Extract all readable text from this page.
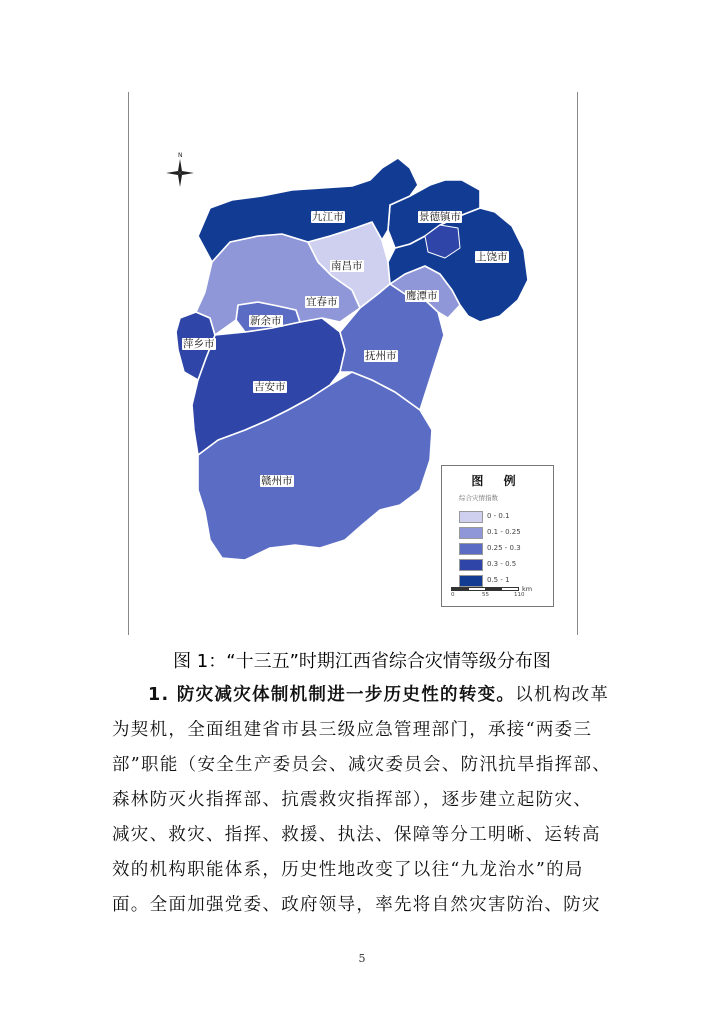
N
九江市	景德镇市
上饶市
南昌市
鹰潭市
宜春市
新余市
萍乡市
抚州市
吉安市
赣州市	图 例
综合灾情指数
0 - 0.1
0.1 - 0.25
0.25 - 0.3
0.3 - 0.5
0.5 - 1
0	55	110
km
图 1：“十三五”时期江西省综合灾情等级分布图
1. 防灾减灾体制机制进一步历史性的转变。以机构改革
为契机，全面组建省市县三级应急管理部门，承接“两委三
部”职能（安全生产委员会、减灾委员会、防汛抗旱指挥部、
森林防灭火指挥部、抗震救灾指挥部），逐步建立起防灾、
减灾、救灾、指挥、救援、执法、保障等分工明晰、运转高
效的机构职能体系，历史性地改变了以往“九龙治水”的局
面。全面加强党委、政府领导，率先将自然灾害防治、防灾
5
